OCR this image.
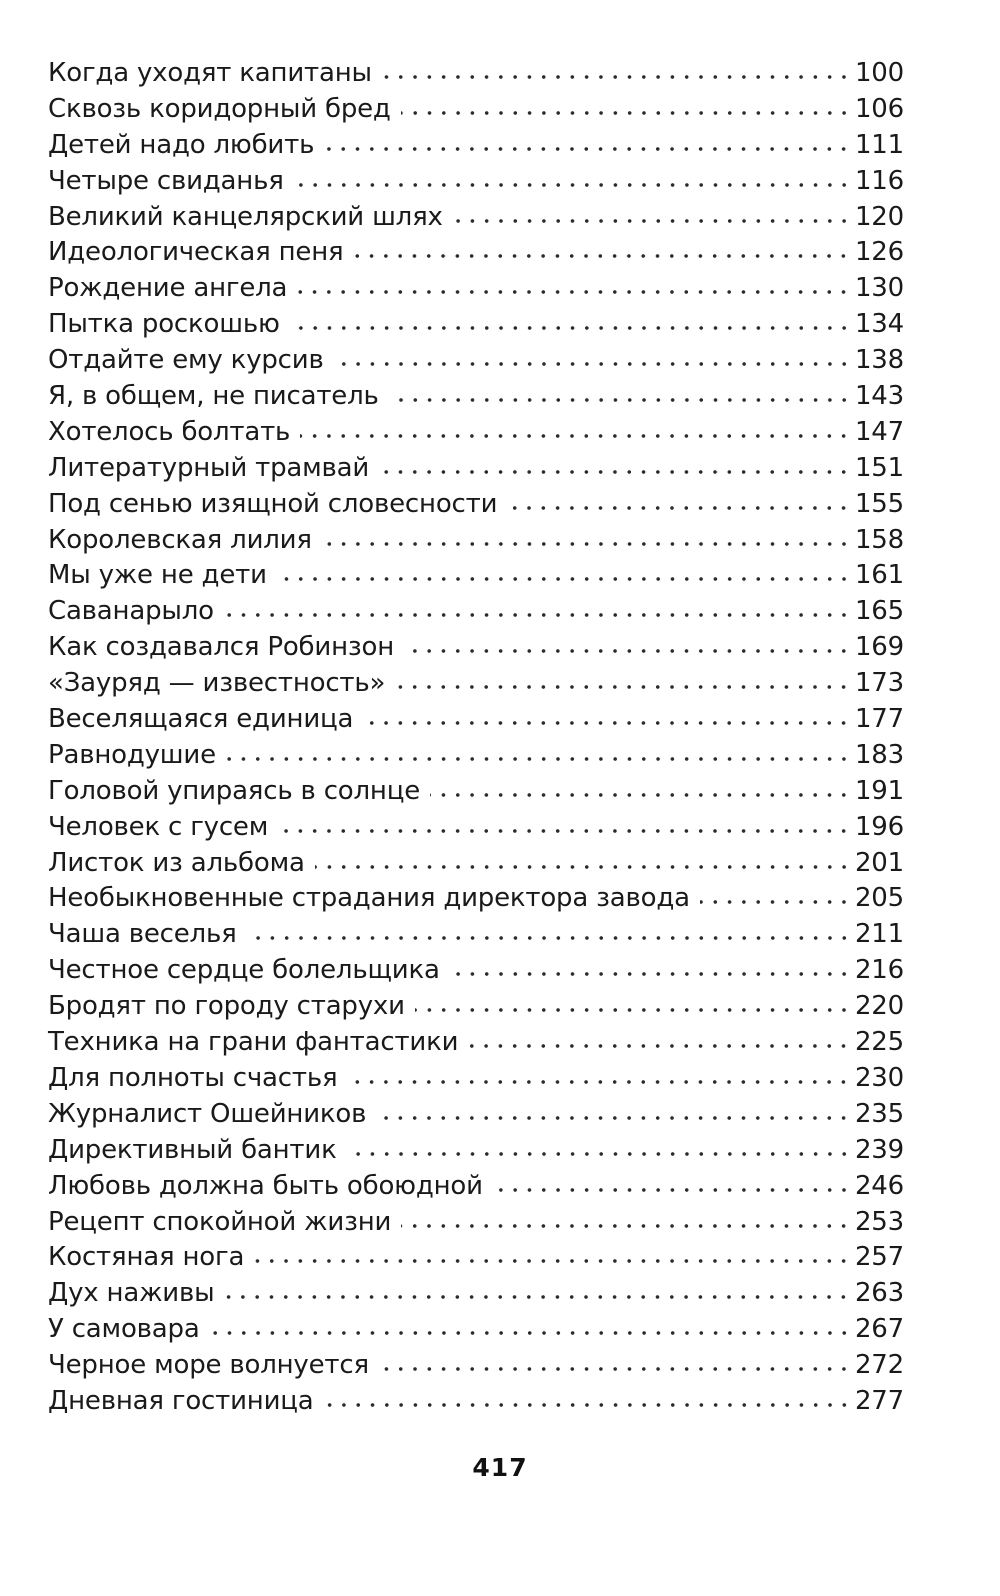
Когда уходят капитаны	100
Сквозь коридорный бред	106
Детей надо любить	111
Четыре свиданья	116
Великий канцелярский шлях	120
Идеологическая пеня	126
Рождение ангела	130
Пытка роскошью	134
Отдайте ему курсив	138
Я, в общем, не писатель	143
Хотелось болтать	147
Литературный трамвай	151
Под сенью изящной словесности	155
Королевская лилия	158
Мы уже не дети	161
Саванарыло	165
Как создавался Робинзон	169
«Зауряд — известность»	173
Веселящаяся единица	177
Равнодушие	183
Головой упираясь в солнце	191
Человек с гусем	196
Листок из альбома	201
Необыкновенные страдания директора завода	205
Чаша веселья	211
Честное сердце болельщика	216
Бродят по городу старухи	220
Техника на грани фантастики	225
Для полноты счастья	230
Журналист Ошейников	235
Директивный бантик	239
Любовь должна быть обоюдной	246
Рецепт спокойной жизни	253
Костяная нога	257
Дух наживы	263
У самовара	267
Черное море волнуется	272
Дневная гостиница	277
417
